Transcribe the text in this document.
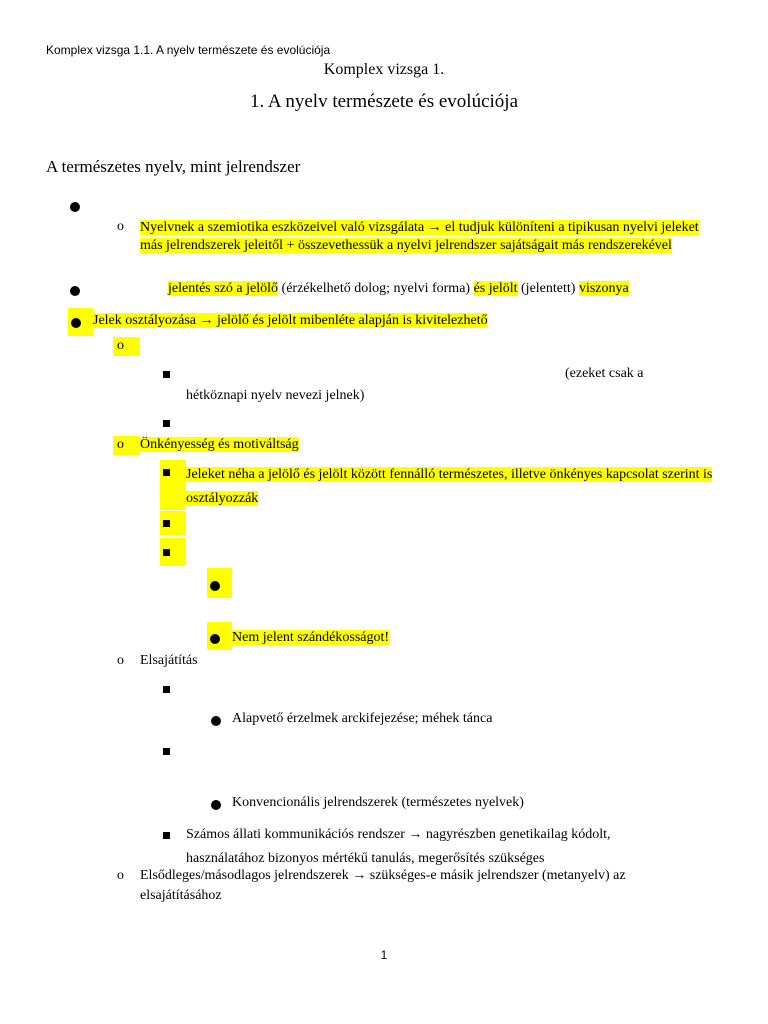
Komplex vizsga 1.1. A nyelv természete és evolúciója
Komplex vizsga 1.
1. A nyelv természete és evolúciója
A természetes nyelv, mint jelrendszer
o Nyelvnek a szemiotika eszközeivel való vizsgálata → el tudjuk különíteni a tipikusan nyelvi jeleket más jelrendszerek jeleitől + összevethessük a nyelvi jelrendszer sajátságait más rendszerekével
jelentés szó a jelölő (érzékelhető dolog; nyelvi forma) és jelölt (jelentett) viszonya
Jelek osztályozása → jelölő és jelölt mibenléte alapján is kivitelezhető
o
(ezeket csak a
hétköznapi nyelv nevezi jelnek)
o Önkényesség és motiváltság
Jeleket néha a jelölő és jelölt között fennálló természetes, illetve önkényes kapcsolat szerint is osztályozzák
Nem jelent szándékosságot!
o Elsajátítás
Alapvető érzelmek arckifejezése; méhek tánca
Konvencionális jelrendszerek (természetes nyelvek)
Számos állati kommunikációs rendszer → nagyrészben genetikailag kódolt,
használatához bizonyos mértékű tanulás, megerősítés szükséges
o Elsődleges/másodlagos jelrendszerek → szükséges-e másik jelrendszer (metanyelv) az
elsajátításához
1
